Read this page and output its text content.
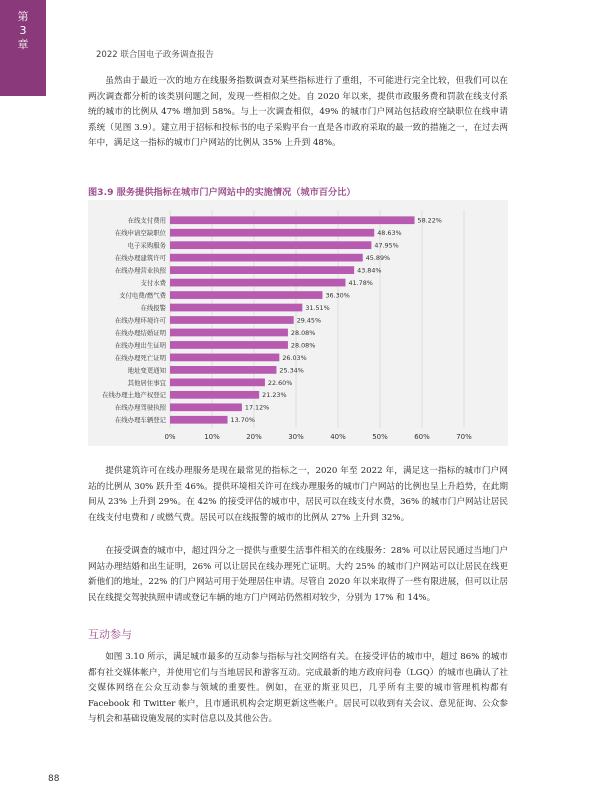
第
3
章
2022 联合国电子政务调查报告

虽然由于最近一次的地方在线服务指数调查对某些指标进行了重组，不可能进行完全比较，但我们可以在两次调查都分析的该类别问题之间，发现一些相似之处。自 2020 年以来，提供市政服务费和罚款在线支付系统的城市的比例从 47% 增加到 58%。与上一次调查相似，49% 的城市门户网站包括政府空缺职位在线申请系统（见图 3.9）。建立用于招标和投标书的电子采购平台一直是各市政府采取的最一致的措施之一，在过去两年中，满足这一指标的城市门户网站的比例从 35% 上升到 48%。

图3.9 服务提供指标在城市门户网站中的实施情况（城市百分比）
在线支付费用	58.22%
在线申请空缺职位	48.63%
电子采购服务	47.95%
在线办理建筑许可	45.89%
在线办理营业执照	43.84%
支付水费	41.78%
支付电费/燃气费	36.30%
在线报警	31.51%
在线办理环境许可	29.45%
在线办理结婚证明	28.08%
在线办理出生证明	28.08%
在线办理死亡证明	26.03%
地址变更通知	25.34%
其他居住事宜	22.60%
在线办理土地产权登记	21.23%
在线办理驾驶执照	17.12%
在线办理车辆登记	13.70%
0%	10%	20%	30%	40%	50%	60%	70%

提供建筑许可在线办理服务是现在最常见的指标之一，2020 年至 2022 年，满足这一指标的城市门户网站的比例从 30% 跃升至 46%。提供环境相关许可在线办理服务的城市门户网站的比例也呈上升趋势，在此期间从 23% 上升到 29%。在 42% 的接受评估的城市中，居民可以在线支付水费，36% 的城市门户网站让居民在线支付电费和 / 或燃气费。居民可以在线报警的城市的比例从 27% 上升到 32%。

在接受调查的城市中，超过四分之一提供与重要生活事件相关的在线服务：28% 可以让居民通过当地门户网站办理结婚和出生证明，26% 可以让居民在线办理死亡证明。大约 25% 的城市门户网站可以让居民在线更新他们的地址，22% 的门户网站可用于处理居住申请。尽管自 2020 年以来取得了一些有限进展，但可以让居民在线提交驾驶执照申请或登记车辆的地方门户网站仍然相对较少，分别为 17% 和 14%。

互动参与

如图 3.10 所示，满足城市最多的互动参与指标与社交网络有关。在接受评估的城市中，超过 86% 的城市都有社交媒体帐户，并使用它们与当地居民和游客互动。完成最新的地方政府问卷（LGQ）的城市也确认了社交媒体网络在公众互动参与领域的重要性。例如，在亚的斯亚贝巴，几乎所有主要的城市管理机构都有 Facebook 和 Twitter 帐户，且市通讯机构会定期更新这些帐户。居民可以收到有关会议、意见征询、公众参与机会和基础设施发展的实时信息以及其他公告。

88
